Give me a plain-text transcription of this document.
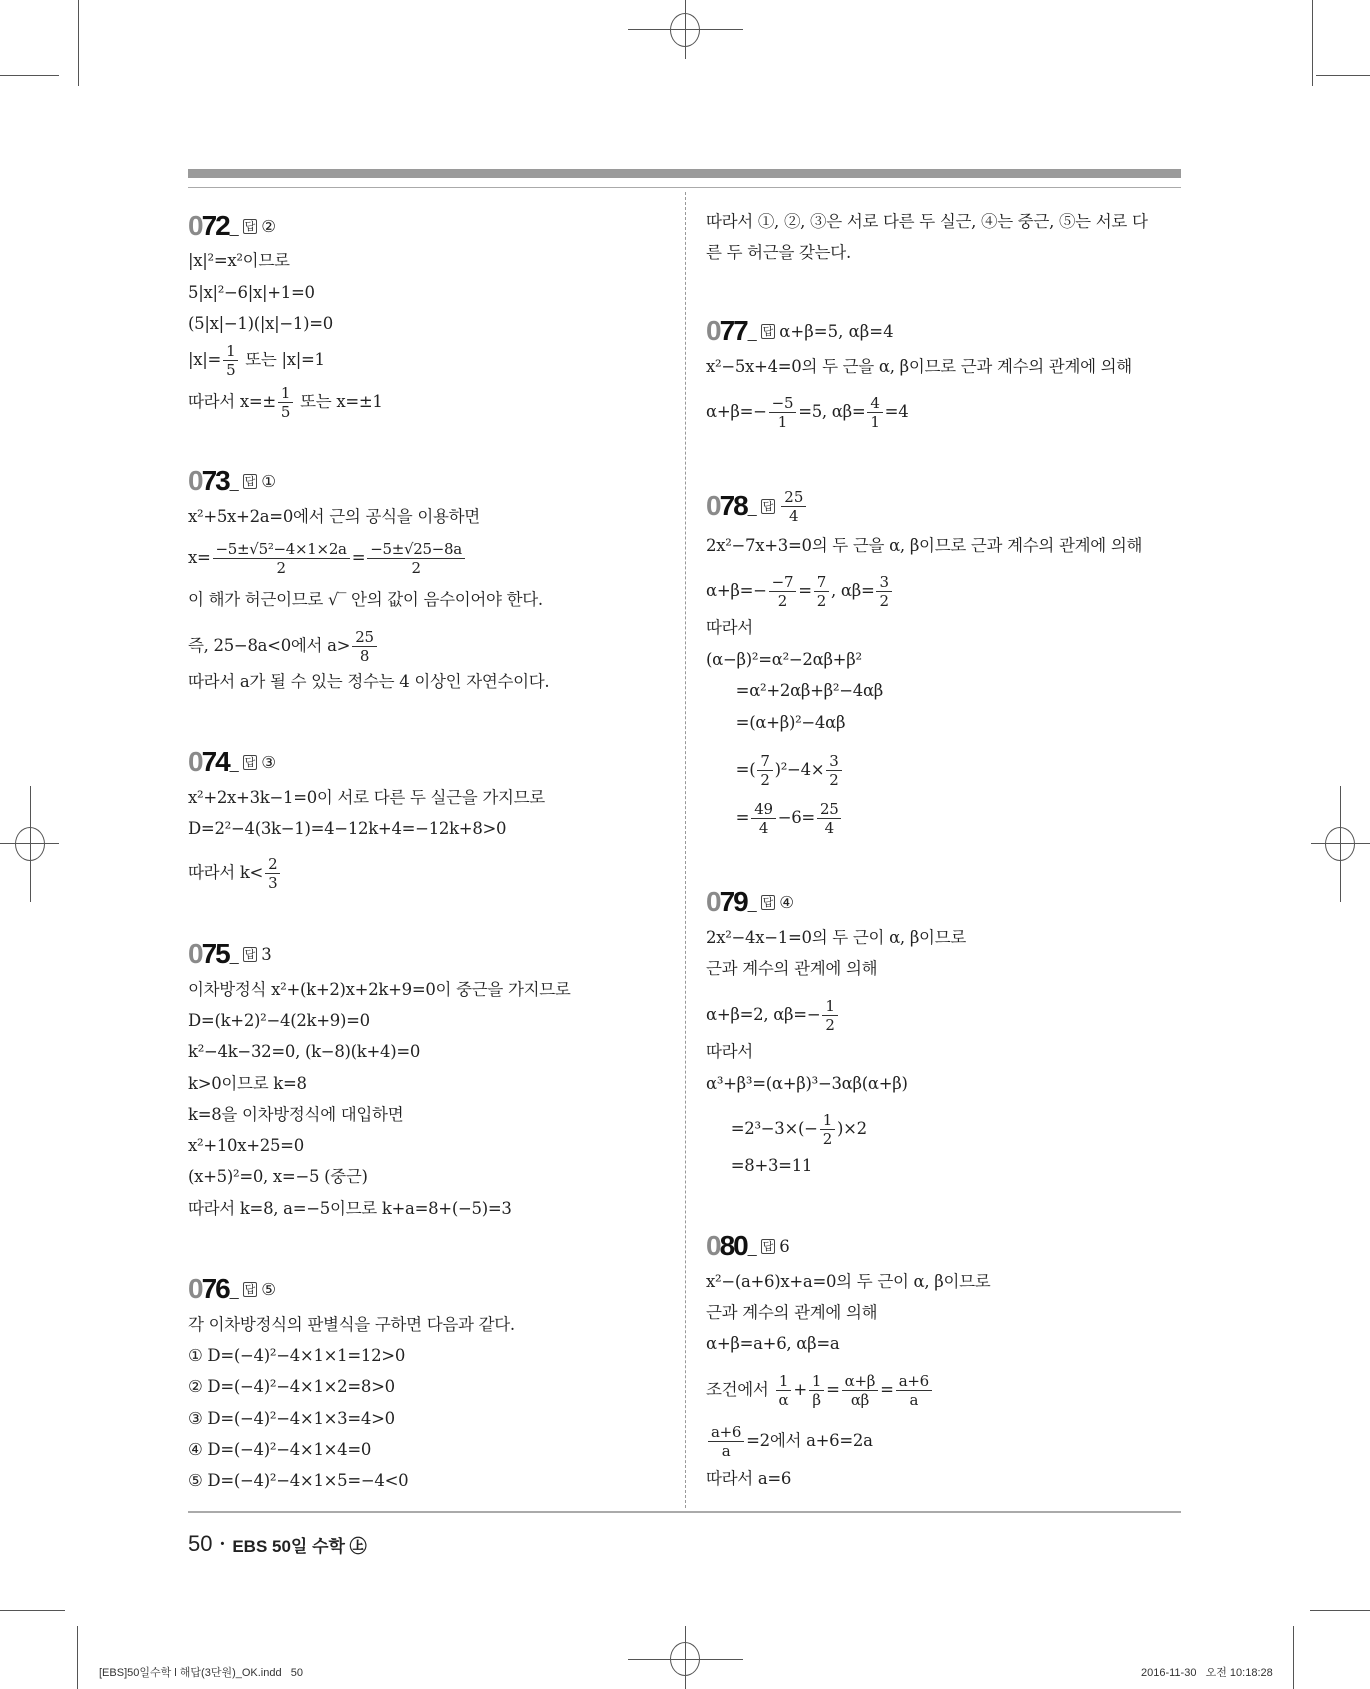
따라서 ①, ②, ③은 서로 다른 두 실근, ④는 중근, ⑤는 서로 다
른 두 허근을 갖는다.
072 _ 답 ②
|x|²=x²이므로
5|x|²−6|x|+1=0
(5|x|−1)(|x|−1)=0
$|x|= \frac{1}{5}$ 또는 |x|=1
따라서 $x=\pm \frac{1}{5}$ 또는 x=±1
073 _ 답 ①
x²+5x+2a=0에서 근의 공식을 이용하면
$x= \frac{\text{−5±√5²−4×1×2a}}{2} = \frac{-5\pm√25-8a}{2}$
이 해가 허근이므로 √‾ 안의 값이 음수이어야 한다.
즉, 25−8a<0에서 $a> \frac{25}{8}$
따라서 a가 될 수 있는 정수는 4 이상인 자연수이다.
074 _ 답 ③
x²+2x+3k−1=0이 서로 다른 두 실근을 가지므로
D=2²−4(3k−1)=4−12k+4=−12k+8>0
따라서 $k< \frac{2}{3}$
075 _ 답 3
이차방정식 x²+(k+2)x+2k+9=0이 중근을 가지므로
D=(k+2)²−4(2k+9)=0
k²−4k−32=0, (k−8)(k+4)=0
k>0이므로 k=8
k=8을 이차방정식에 대입하면
x²+10x+25=0
(x+5)²=0, x=−5 (중근)
따라서 k=8, a=−5이므로 k+a=8+(−5)=3
076 _ 답 ⑤
각 이차방정식의 판별식을 구하면 다음과 같다.
① D=(−4)²−4×1×1=12>0
② D=(−4)²−4×1×2=8>0
③ D=(−4)²−4×1×3=4>0
④ D=(−4)²−4×1×4=0
⑤ D=(−4)²−4×1×5=−4<0
077 _ 답 α+β=5, αβ=4
x²−5x+4=0의 두 근을 α, β이므로 근과 계수의 관계에 의해
$\alpha+\beta=- \frac{-5}{1} =5$, $\alpha\beta= \frac{4}{1} =4$
078 _ 답 $\frac{25}{4}$
2x²−7x+3=0의 두 근을 α, β이므로 근과 계수의 관계에 의해
$\alpha+\beta=- \frac{-7}{2} = \frac{7}{2}$ , $\alpha\beta= \frac{3}{2}$
따라서
(α−β)²=α²−2αβ+β²
=α²+2αβ+β²−4αβ
=(α+β)²−4αβ
=( $\frac{7}{2} )^2-4\times \frac{3}{2}$
= $\frac{49}{4} -6= \frac{25}{4}$
079 _ 답 ④
2x²−4x−1=0의 두 근이 α, β이므로
근과 계수의 관계에 의해
α+β=2, $\alpha\beta=- \frac{1}{2}$
따라서
α³+β³=(α+β)³−3αβ(α+β)
$=2^3-3\times(- \frac{1}{2} )\times 2$
=8+3=11
080 _ 답 6
x²−(a+6)x+a=0의 두 근이 α, β이므로
근과 계수의 관계에 의해
α+β=a+6, αβ=a
조건에서 $\frac{1}{\alpha} + \frac{1}{\beta} = \frac{\alpha+\beta}{\alpha\beta} = \frac{a+6}{a}$
$\frac{a+6}{a} =2$에서 a+6=2a
따라서 a=6
50 • EBS 50일 수학 ㊤
[EBS]50일수학 l 해답(3단원)_OK.indd   50	2016-11-30   오전 10:18:28
